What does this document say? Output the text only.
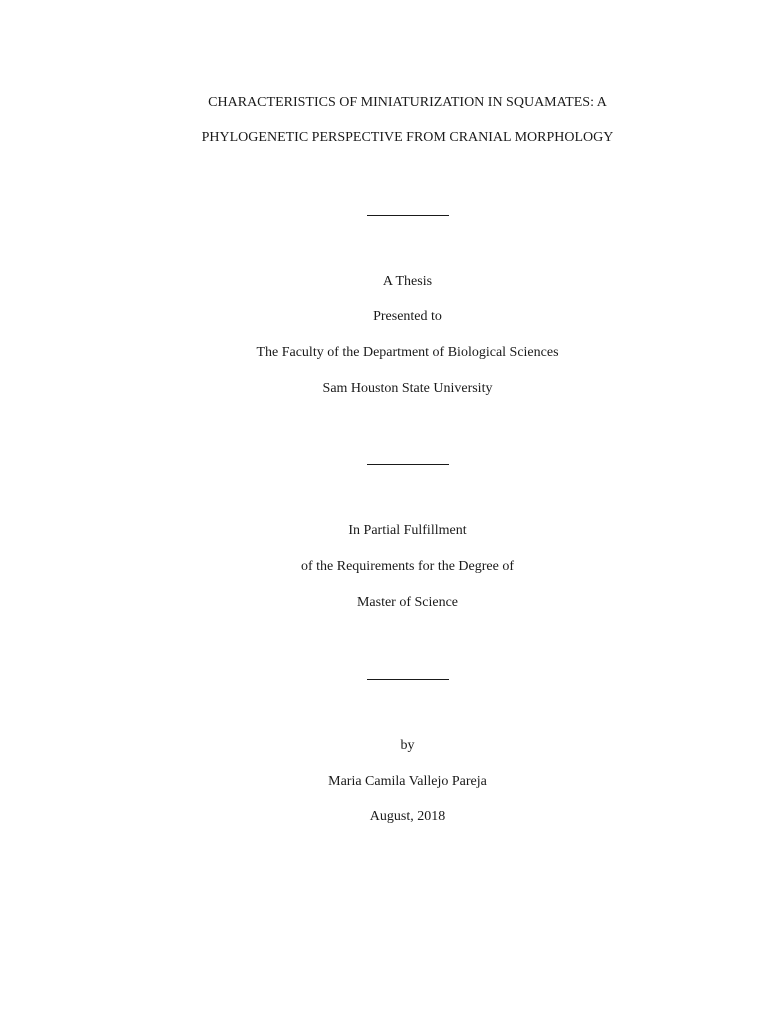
CHARACTERISTICS OF MINIATURIZATION IN SQUAMATES: A
PHYLOGENETIC PERSPECTIVE FROM CRANIAL MORPHOLOGY
A Thesis
Presented to
The Faculty of the Department of Biological Sciences
Sam Houston State University
In Partial Fulfillment
of the Requirements for the Degree of
Master of Science
by
Maria Camila Vallejo Pareja
August, 2018
